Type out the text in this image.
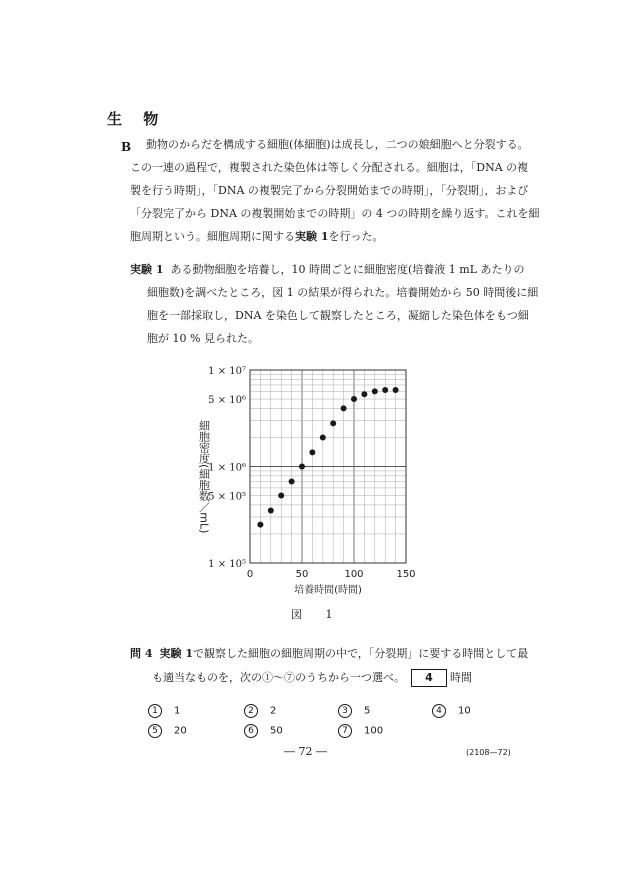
生 物
B	動物のからだを構成する細胞(体細胞)は成長し，二つの娘細胞へと分裂する。
この一連の過程で，複製された染色体は等しく分配される。細胞は，「DNA の複
製を行う時期」，「DNA の複製完了から分裂開始までの時期」，「分裂期」，および
「分裂完了から DNA の複製開始までの時期」の 4 つの時期を繰り返す。これを細
胞周期という。細胞周期に関する実験 1を行った。
実験 1 ある動物細胞を培養し，10 時間ごとに細胞密度(培養液 1 mL あたりの
細胞数)を調べたところ，図 1 の結果が得られた。培養開始から 50 時間後に細
胞を一部採取し，DNA を染色して観察したところ，凝縮した染色体をもつ細
胞が 10 % 見られた。
1 × 10⁷
5 × 10⁶
1 × 10⁶
5 × 10⁵
1 × 10⁵
0	50	100	150
培養時間(時間)
細胞密度(細胞数／mL)
図 1
問 4 実験 1で観察した細胞の細胞周期の中で，「分裂期」に要する時間として最
も適当なものを，次の①〜⑦のうちから一つ選べ。 4 時間
1 1	2 2	3 5	4 10
5 20	6 50	7 100
― 72 ―	(2108—72)
